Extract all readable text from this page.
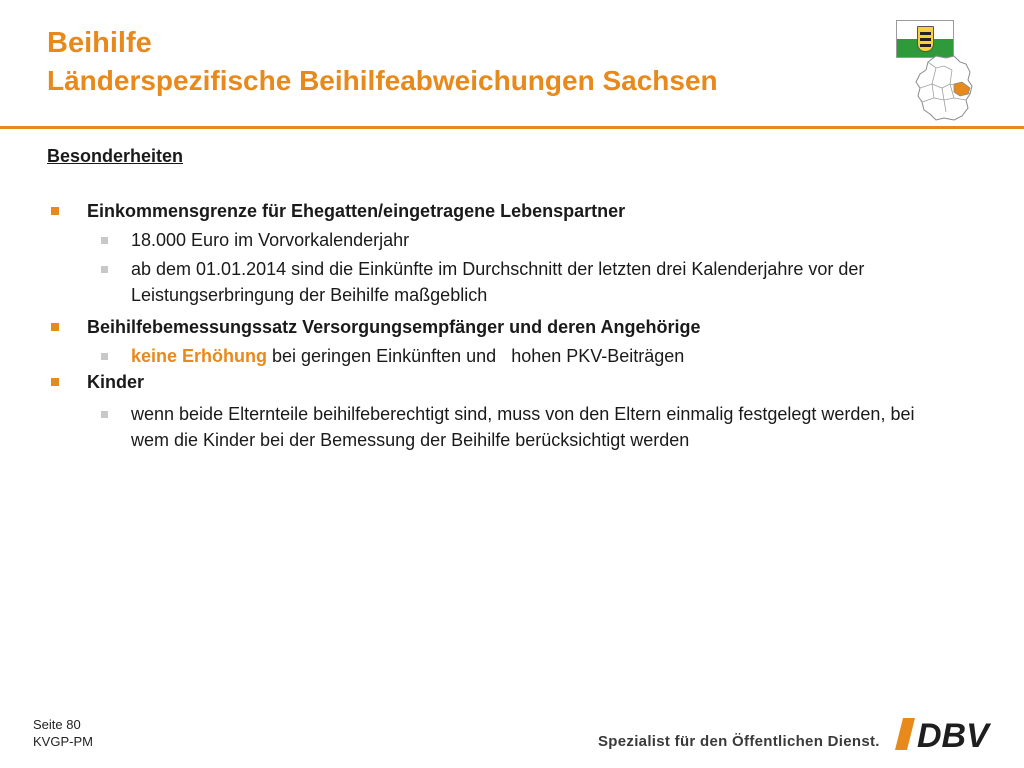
Beihilfe
Länderspezifische Beihilfeabweichungen Sachsen
Besonderheiten
Einkommensgrenze für Ehegatten/eingetragene Lebenspartner
18.000 Euro im Vorvorkalenderjahr
ab dem 01.01.2014 sind die Einkünfte im Durchschnitt der letzten drei Kalenderjahre vor der Leistungserbringung der Beihilfe maßgeblich
Beihilfebemessungssatz Versorgungsempfänger und deren Angehörige
keine Erhöhung bei geringen Einkünften und   hohen PKV-Beiträgen
Kinder
wenn beide Elternteile beihilfeberechtigt sind, muss von den Eltern einmalig festgelegt werden, bei wem die Kinder bei der Bemessung der Beihilfe berücksichtigt werden
Seite 80
KVGP-PM	Spezialist für den Öffentlichen Dienst. DBV
